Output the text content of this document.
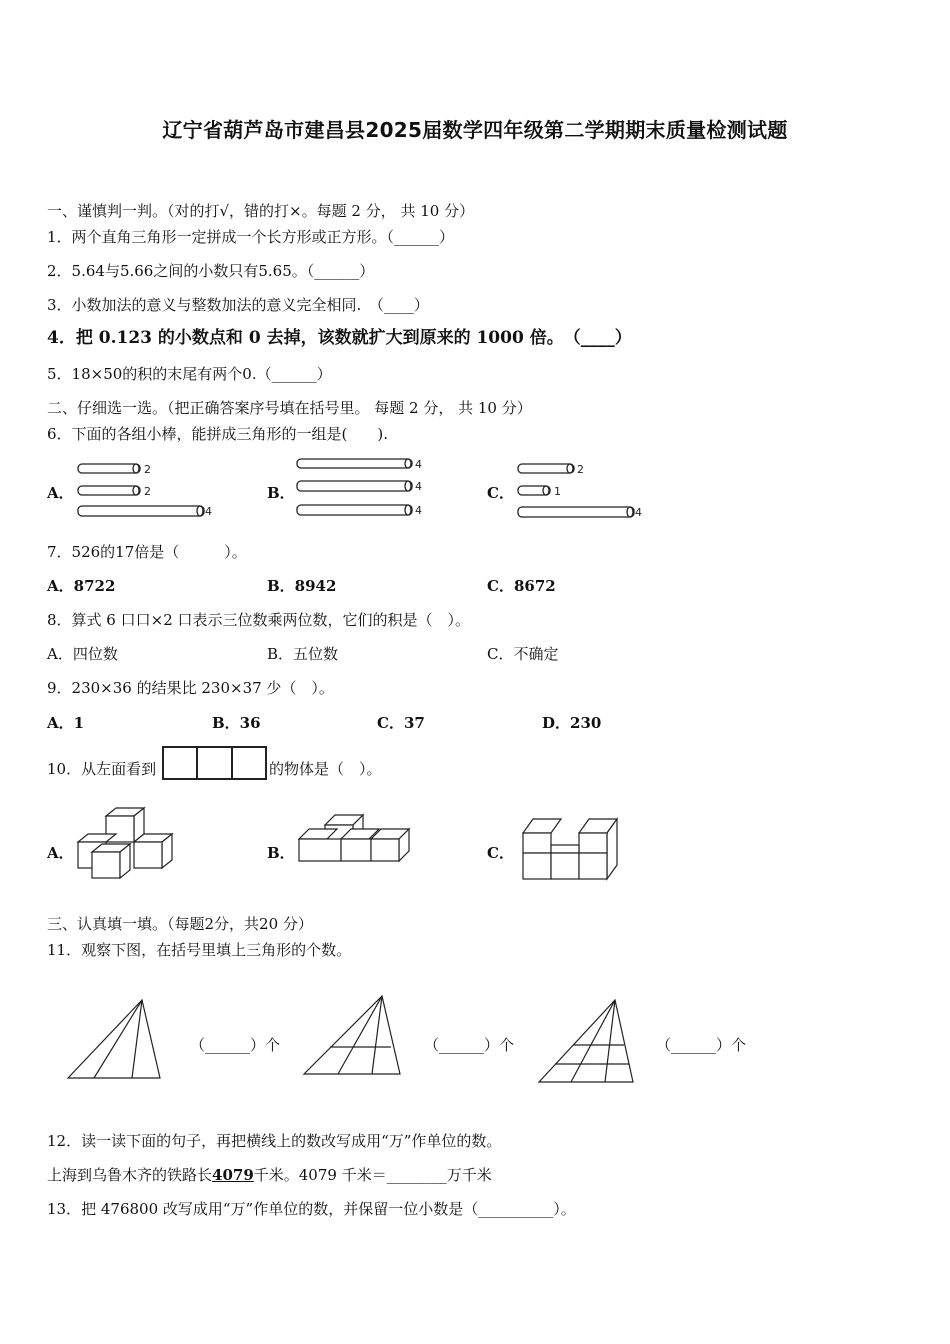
辽宁省葫芦岛市建昌县2025届数学四年级第二学期期末质量检测试题
一、谨慎判一判。（对的打√，错的打×。每题 2 分， 共 10 分）
1．两个直角三角形一定拼成一个长方形或正方形。（______）
2．5.64与5.66之间的小数只有5.65。（______）
3．小数加法的意义与整数加法的意义完全相同.　（____）
4．把 0.123 的小数点和 0 去掉，该数就扩大到原来的 1000 倍。　（____）
5．18×50的积的末尾有两个0.（______）
二、仔细选一选。（把正确答案序号填在括号里。 每题 2 分， 共 10 分）
6．下面的各组小棒，能拼成三角形的一组是(　　).
A．
2
2
4
B．
4
4
4
C．
2
1
4
7．526的17倍是（　　　）。
A．8722	B．8942	C．8672
8．算式 6 口口×2 口表示三位数乘两位数，它们的积是（　）。
A．四位数	B．五位数	C．不确定
9．230×36 的结果比 230×37 少（　）。
A．1	B．36	C．37	D．230
10．从左面看到	的物体是（　）。
A．	B．	C．
三、认真填一填。（每题2分，共20 分）
11．观察下图，在括号里填上三角形的个数。
（______）个	（______）个	（______）个
12．读一读下面的句子，再把横线上的数改写成用“万”作单位的数。
上海到乌鲁木齐的铁路长4079千米。4079 千米＝________万千米
13．把 476800 改写成用“万”作单位的数，并保留一位小数是（__________）。
